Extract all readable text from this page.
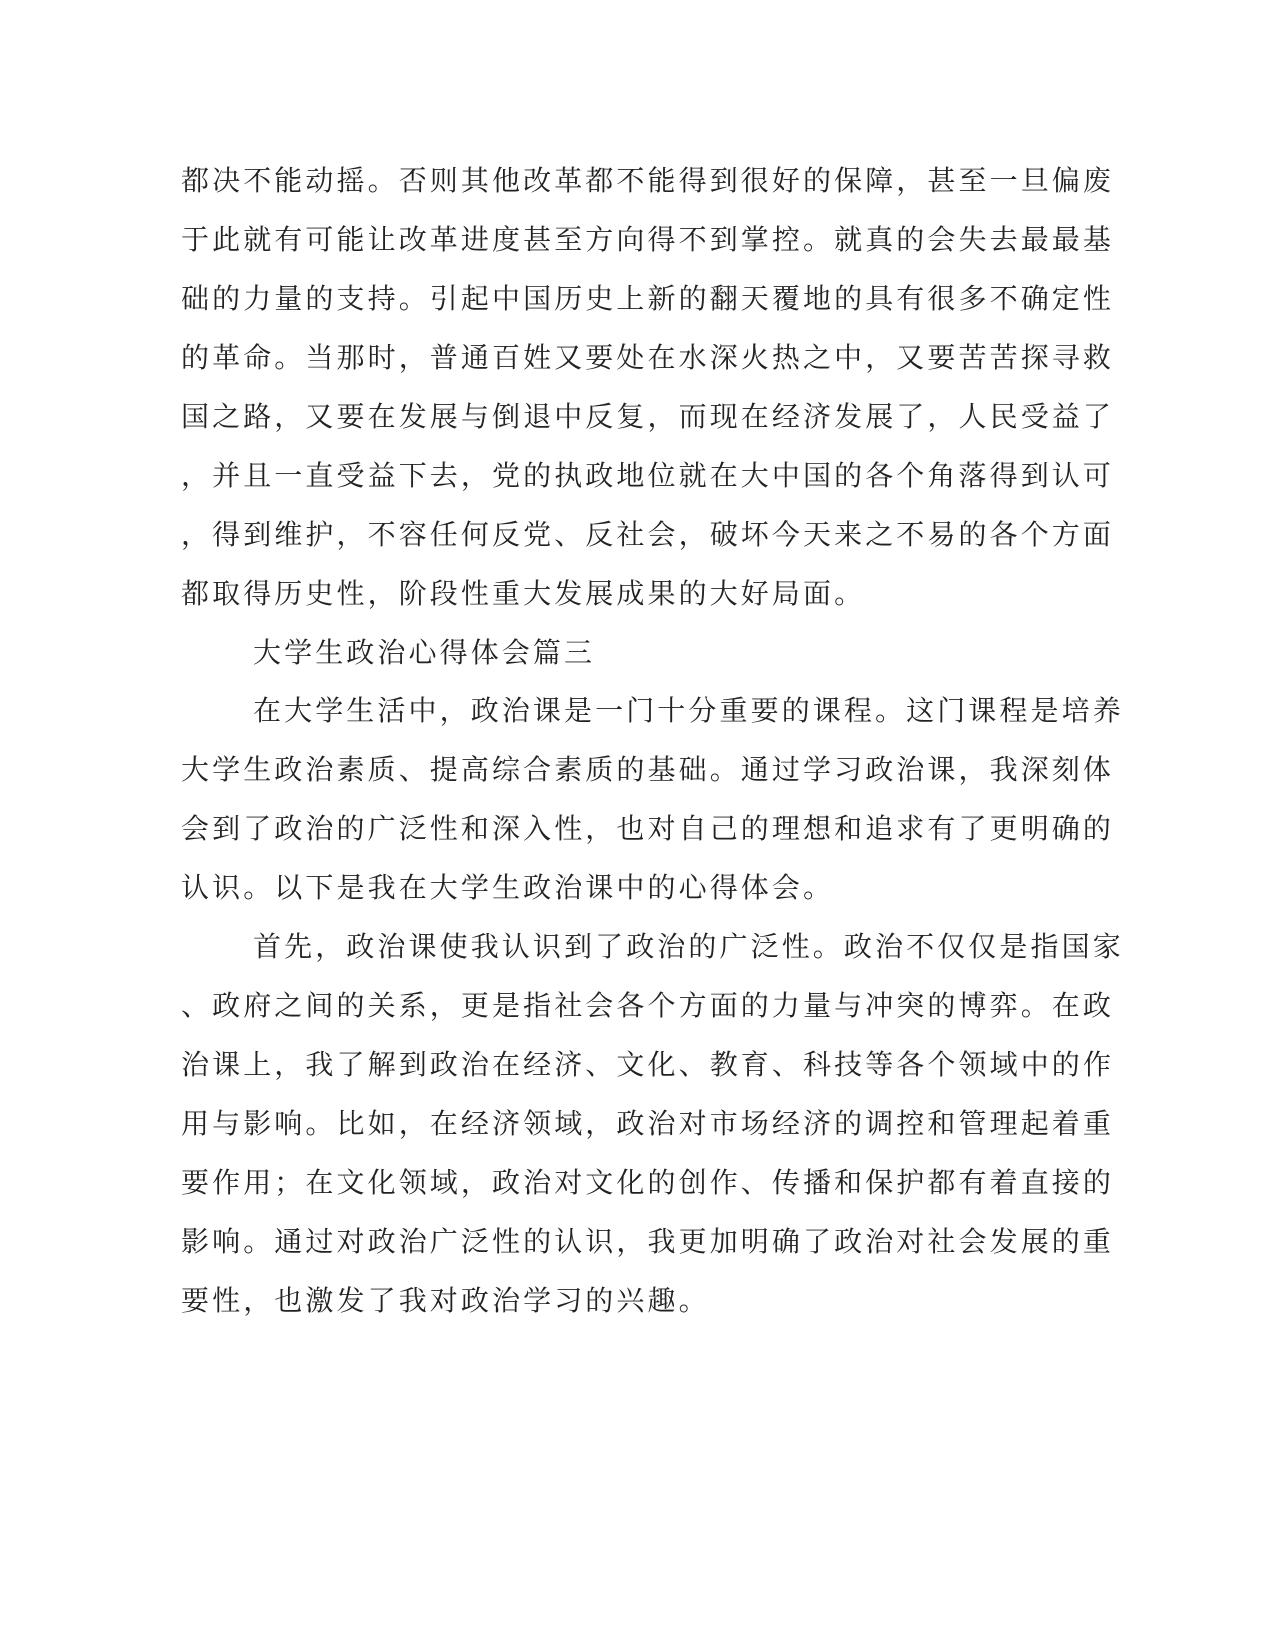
都决不能动摇。否则其他改革都不能得到很好的保障，甚至一旦偏废
于此就有可能让改革进度甚至方向得不到掌控。就真的会失去最最基
础的力量的支持。引起中国历史上新的翻天覆地的具有很多不确定性
的革命。当那时，普通百姓又要处在水深火热之中，又要苦苦探寻救
国之路，又要在发展与倒退中反复，而现在经济发展了，人民受益了
，并且一直受益下去，党的执政地位就在大中国的各个角落得到认可
，得到维护，不容任何反党、反社会，破坏今天来之不易的各个方面
都取得历史性，阶段性重大发展成果的大好局面。
大学生政治心得体会篇三
在大学生活中，政治课是一门十分重要的课程。这门课程是培养
大学生政治素质、提高综合素质的基础。通过学习政治课，我深刻体
会到了政治的广泛性和深入性，也对自己的理想和追求有了更明确的
认识。以下是我在大学生政治课中的心得体会。
首先，政治课使我认识到了政治的广泛性。政治不仅仅是指国家
、政府之间的关系，更是指社会各个方面的力量与冲突的博弈。在政
治课上，我了解到政治在经济、文化、教育、科技等各个领域中的作
用与影响。比如，在经济领域，政治对市场经济的调控和管理起着重
要作用；在文化领域，政治对文化的创作、传播和保护都有着直接的
影响。通过对政治广泛性的认识，我更加明确了政治对社会发展的重
要性，也激发了我对政治学习的兴趣。
